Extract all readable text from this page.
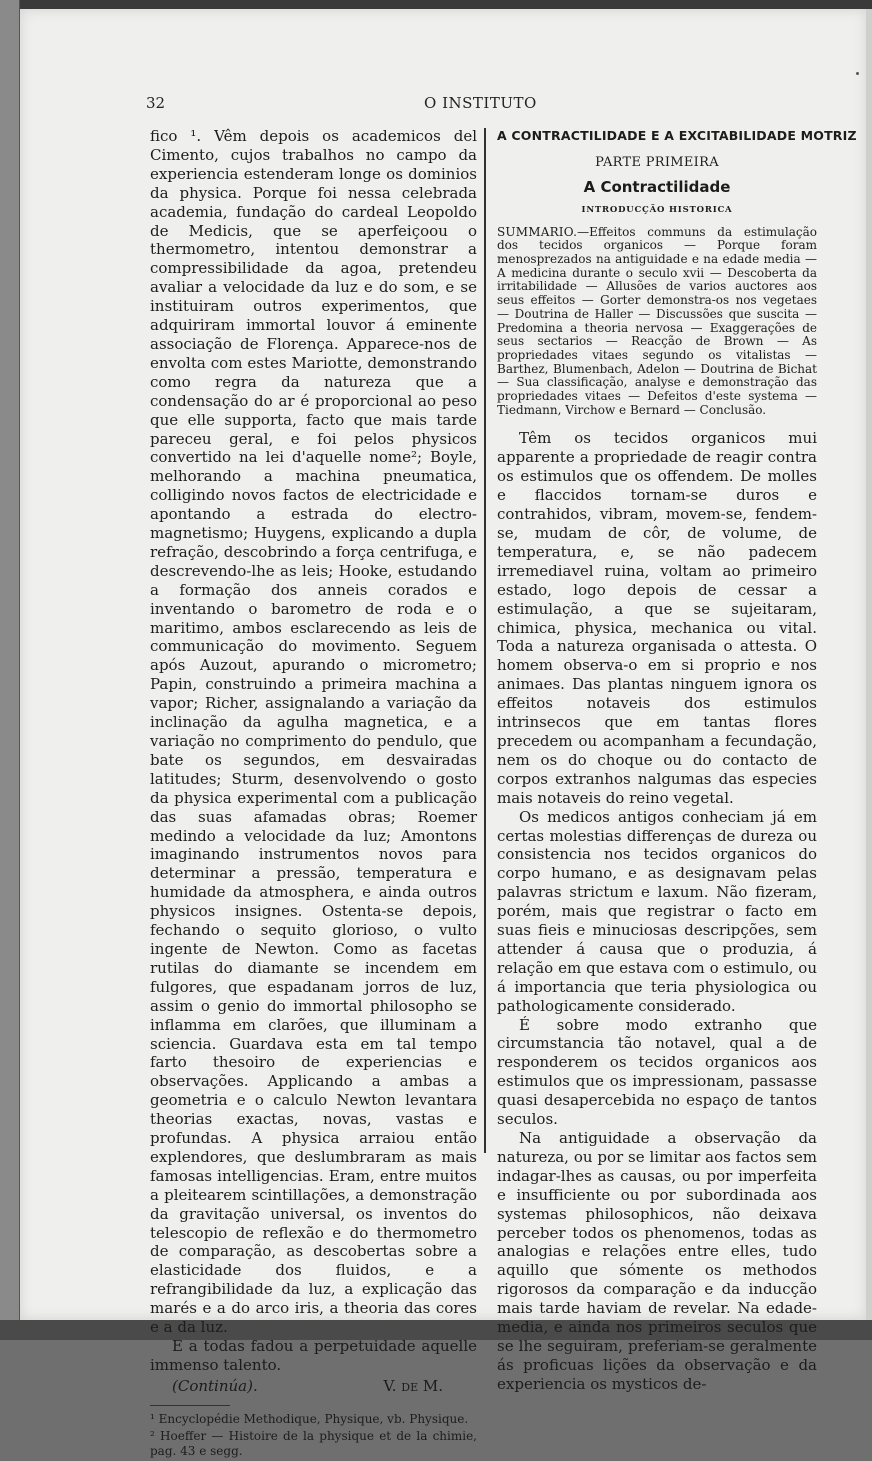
32	O INSTITUTO

fico ¹. Vêm depois os academicos del Cimento, cujos trabalhos no campo da experiencia estenderam longe os dominios da physica. Porque foi nessa celebrada academia, fundação do cardeal Leopoldo de Medicis, que se aperfeiçoou o thermometro, intentou demonstrar a compressibilidade da agoa, pretendeu avaliar a velocidade da luz e do som, e se instituiram outros experimentos, que adquiriram immortal louvor á eminente associação de Florença. Apparece-nos de envolta com estes Mariotte, demonstrando como regra da natureza que a condensação do ar é proporcional ao peso que elle supporta, facto que mais tarde pareceu geral, e foi pelos physicos convertido na lei d'aquelle nome²; Boyle, melhorando a machina pneumatica, colligindo novos factos de electricidade e apontando a estrada do electro-magnetismo; Huygens, explicando a dupla refração, descobrindo a força centrifuga, e descrevendo-lhe as leis; Hooke, estudando a formação dos anneis corados e inventando o barometro de roda e o maritimo, ambos esclarecendo as leis de communicação do movimento. Seguem após Auzout, apurando o micrometro; Papin, construindo a primeira machina a vapor; Richer, assignalando a variação da inclinação da agulha magnetica, e a variação no comprimento do pendulo, que bate os segundos, em desvairadas latitudes; Sturm, desenvolvendo o gosto da physica experimental com a publicação das suas afamadas obras; Roemer medindo a velocidade da luz; Amontons imaginando instrumentos novos para determinar a pressão, temperatura e humidade da atmosphera, e ainda outros physicos insignes. Ostenta-se depois, fechando o sequito glorioso, o vulto ingente de Newton. Como as facetas rutilas do diamante se incendem em fulgores, que espadanam jorros de luz, assim o genio do immortal philosopho se inflamma em clarões, que illuminam a sciencia. Guardava esta em tal tempo farto thesoiro de experiencias e observações. Applicando a ambas a geometria e o calculo Newton levantara theorias exactas, novas, vastas e profundas. A physica arraiou então explendores, que deslumbraram as mais famosas intelligencias. Eram, entre muitos a pleitearem scintillações, a demonstração da gravitação universal, os inventos do telescopio de reflexão e do thermometro de comparação, as descobertas sobre a elasticidade dos fluidos, e a refrangibilidade da luz, a explicação das marés e a do arco iris, a theoria das cores e a da luz.

E a todas fadou a perpetuidade aquelle immenso talento.

(Continúa).	V. de M.

¹ Encyclopédie Methodique, Physique, vb. Physique.

² Hoeffer — Histoire de la physique et de la chimie, pag. 43 e segg.

A CONTRACTILIDADE E A EXCITABILIDADE MOTRIZ
PARTE PRIMEIRA
A Contractilidade
INTRODUCÇÃO HISTORICA
SUMMARIO.—Effeitos communs da estimulação dos tecidos organicos — Porque foram menosprezados na antiguidade e na edade media — A medicina durante o seculo xvii — Descoberta da irritabilidade — Allusões de varios auctores aos seus effeitos — Gorter demonstra-os nos vegetaes — Doutrina de Haller — Discussões que suscita — Predomina a theoria nervosa — Exaggerações de seus sectarios — Reacção de Brown — As propriedades vitaes segundo os vitalistas — Barthez, Blumenbach, Adelon — Doutrina de Bichat — Sua classificação, analyse e demonstração das propriedades vitaes — Defeitos d'este systema — Tiedmann, Virchow e Bernard — Conclusão.

Têm os tecidos organicos mui apparente a propriedade de reagir contra os estimulos que os offendem. De molles e flaccidos tornam-se duros e contrahidos, vibram, movem-se, fendem-se, mudam de côr, de volume, de temperatura, e, se não padecem irremediavel ruina, voltam ao primeiro estado, logo depois de cessar a estimulação, a que se sujeitaram, chimica, physica, mechanica ou vital. Toda a natureza organisada o attesta. O homem observa-o em si proprio e nos animaes. Das plantas ninguem ignora os effeitos notaveis dos estimulos intrinsecos que em tantas flores precedem ou acompanham a fecundação, nem os do choque ou do contacto de corpos extranhos nalgumas das especies mais notaveis do reino vegetal.

Os medicos antigos conheciam já em certas molestias differenças de dureza ou consistencia nos tecidos organicos do corpo humano, e as designavam pelas palavras strictum e laxum. Não fizeram, porém, mais que registrar o facto em suas fieis e minuciosas descripções, sem attender á causa que o produzia, á relação em que estava com o estimulo, ou á importancia que teria physiologica ou pathologicamente considerado.

É sobre modo extranho que circumstancia tão notavel, qual a de responderem os tecidos organicos aos estimulos que os impressionam, passasse quasi desapercebida no espaço de tantos seculos.

Na antiguidade a observação da natureza, ou por se limitar aos factos sem indagar-lhes as causas, ou por imperfeita e insufficiente ou por subordinada aos systemas philosophicos, não deixava perceber todos os phenomenos, todas as analogias e relações entre elles, tudo aquillo que sómente os methodos rigorosos da comparação e da inducção mais tarde haviam de revelar. Na edade-media, e ainda nos primeiros seculos que se lhe seguiram, preferiam-se geralmente ás proficuas lições da observação e da experiencia os mysticos de-
